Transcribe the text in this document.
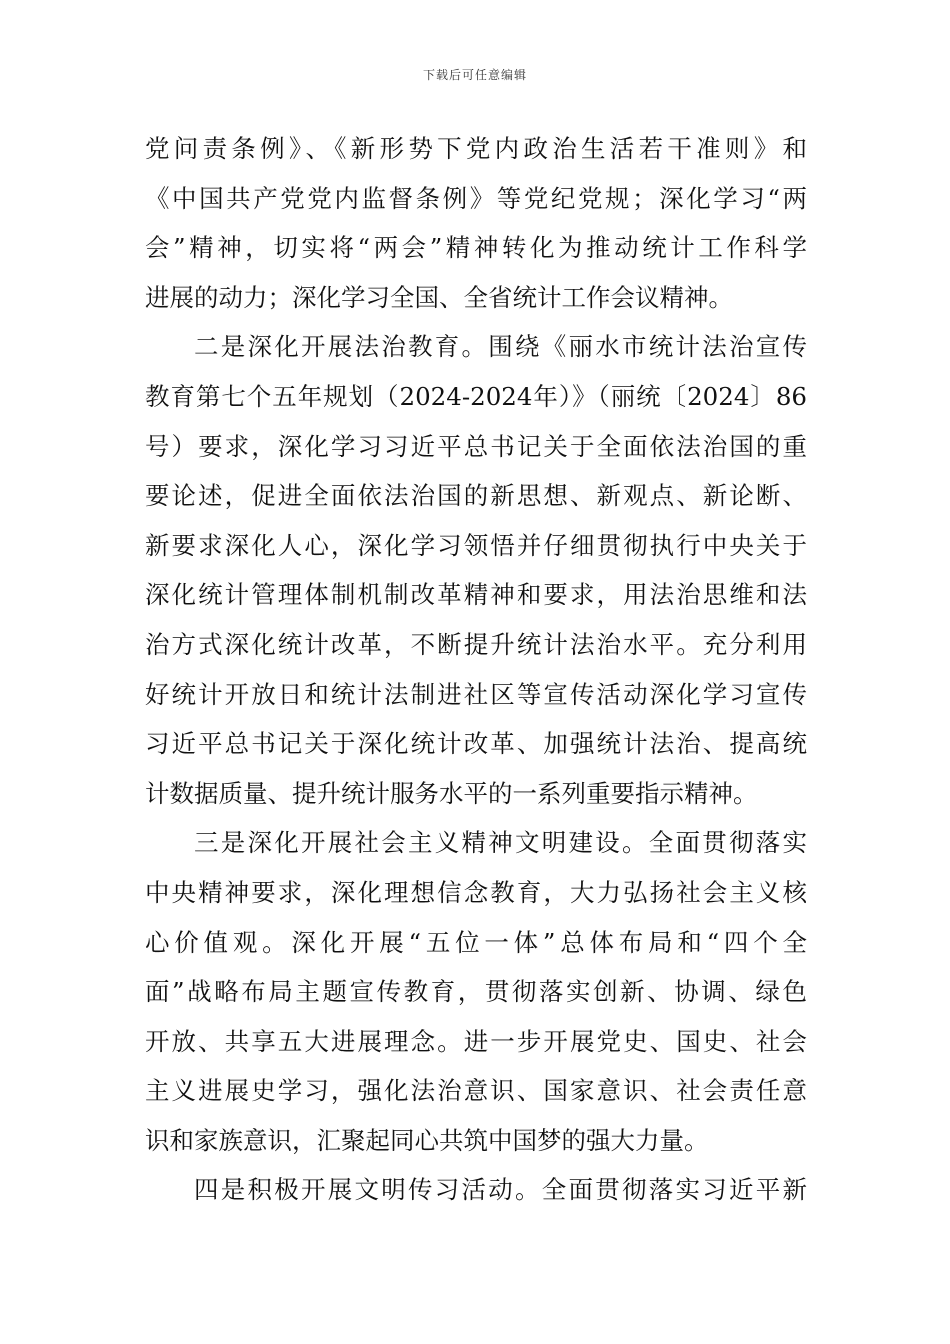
下载后可任意编辑
党问责条例》、《新形势下党内政治生活若干准则》和
《中国共产党党内监督条例》等党纪党规；深化学习“两
会”精神，切实将“两会”精神转化为推动统计工作科学
进展的动力；深化学习全国、全省统计工作会议精神。
二是深化开展法治教育。围绕《丽水市统计法治宣传
教育第七个五年规划（2024-2024年）》（丽统〔2024〕86
号）要求，深化学习习近平总书记关于全面依法治国的重
要论述，促进全面依法治国的新思想、新观点、新论断、
新要求深化人心，深化学习领悟并仔细贯彻执行中央关于
深化统计管理体制机制改革精神和要求，用法治思维和法
治方式深化统计改革，不断提升统计法治水平。充分利用
好统计开放日和统计法制进社区等宣传活动深化学习宣传
习近平总书记关于深化统计改革、加强统计法治、提高统
计数据质量、提升统计服务水平的一系列重要指示精神。
三是深化开展社会主义精神文明建设。全面贯彻落实
中央精神要求，深化理想信念教育，大力弘扬社会主义核
心价值观。深化开展“五位一体”总体布局和“四个全
面”战略布局主题宣传教育，贯彻落实创新、协调、绿色
开放、共享五大进展理念。进一步开展党史、国史、社会
主义进展史学习，强化法治意识、国家意识、社会责任意
识和家族意识，汇聚起同心共筑中国梦的强大力量。
四是积极开展文明传习活动。全面贯彻落实习近平新
